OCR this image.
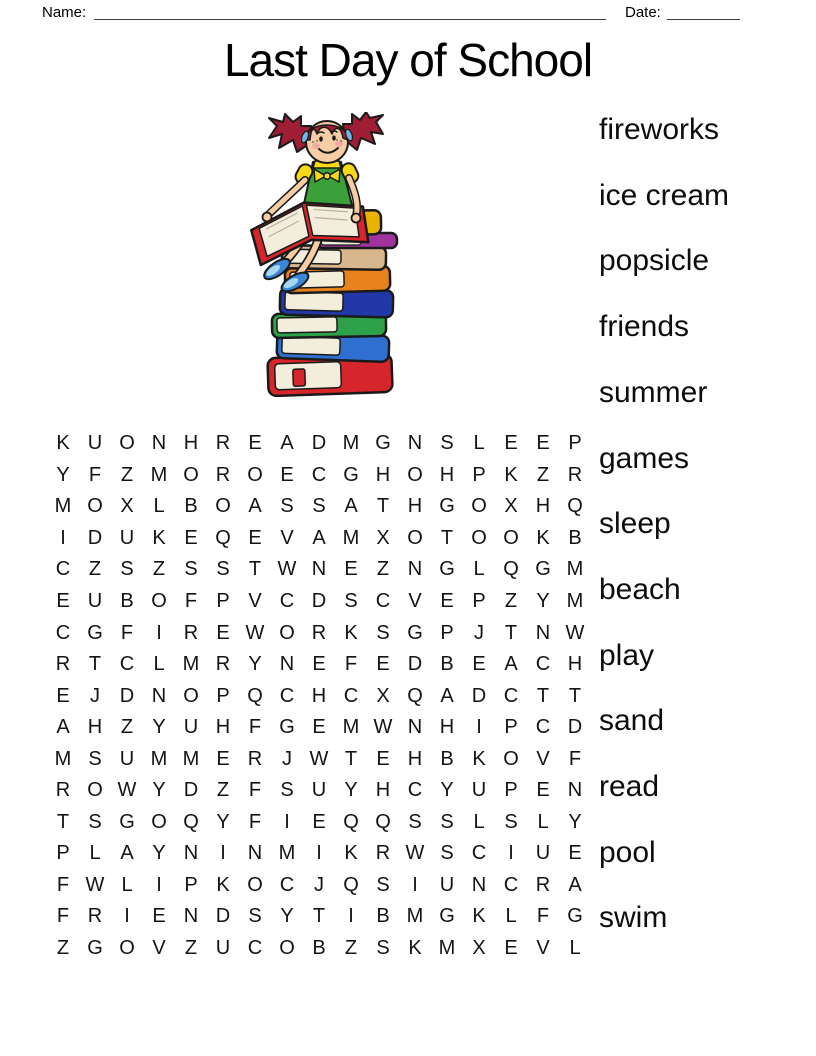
Name:	Date:
Last Day of School
K U O N H R E A D M G N S L E E P
Y F Z M O R O E C G H O H P K Z R
M O X L B O A S S A T H G O X H Q
I	D U K E Q E V A M X O T O O K B
C Z S Z S S T W N E Z N G L Q G M
E U B O F P V C D S C V E P Z Y M
C G F	I	R E W O R K S G P	J	T N W
R T C L M R Y N E F E D B E A C H
E	J D N O P Q C H C X Q A D C T T
A H Z Y U H F G E M W N H	I	P C D
M S U M M E R J W T E H B K O V F
R O W Y D Z F S U Y H C Y U P E N
T S G O Q Y F	I	E Q Q S S L S L Y
P L A Y N	I	N M	I	K R W S C	I	U E
F W L	I	P K O C J Q S	I	U N C R A
F R	I	E N D S Y T	I	B M G K L	F G
Z G O V Z U C O B Z S K M X E V L
fireworks
ice cream
popsicle
friends
summer
games
sleep
beach
play
sand
read
pool
swim
